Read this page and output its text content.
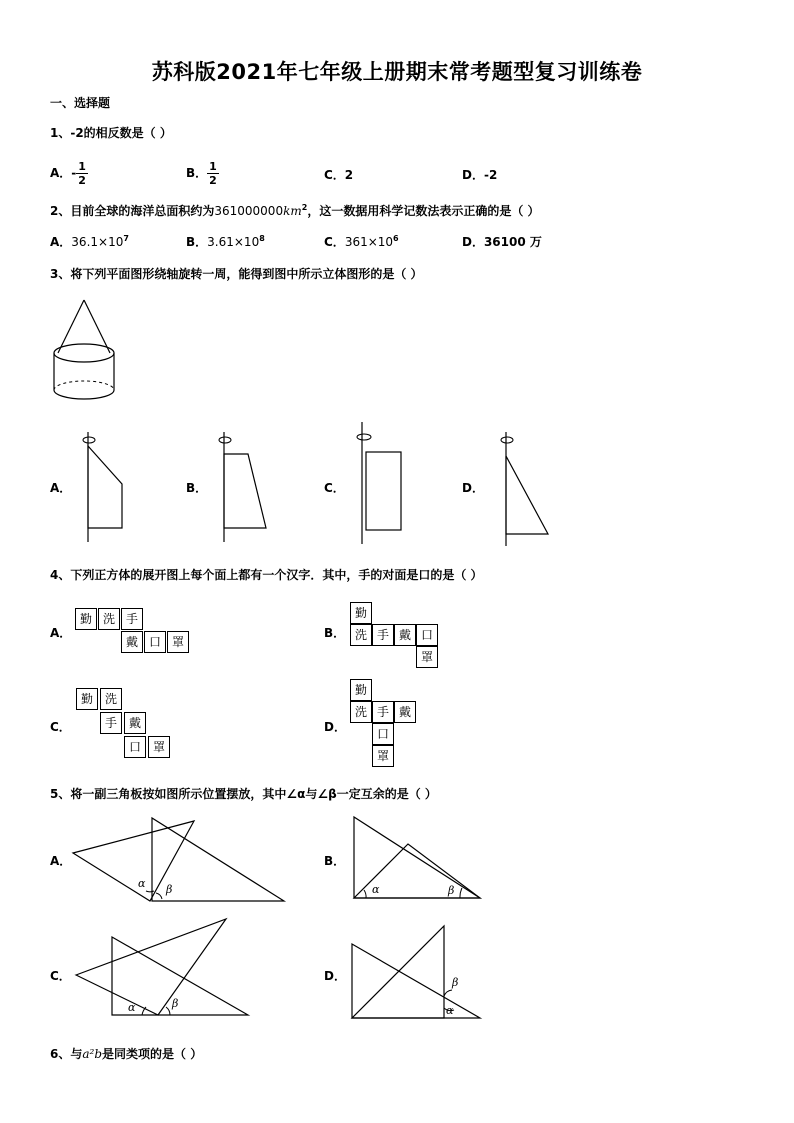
苏科版2021年七年级上册期末常考题型复习训练卷
一、选择题
1、-2的相反数是（ ）
A．- $\frac{1}{2}$	B． $\frac{1}{2}$	C．2	D．-2
2、目前全球的海洋总面积约为$361000000km^2$，这一数据用科学记数法表示正确的是（ ）
A．$36.1\times 10^7$	B．$3.61\times 10^8$	C．$361\times 10^6$	D．36100 万
3、将下列平面图形绕轴旋转一周，能得到图中所示立体图形的是（ ）
A．	B．	C．	D．
4、下列正方体的展开图上每个面上都有一个汉字．其中，手的对面是口的是（ ）
A．
勤 洗 手
戴 口 罩
B．
勤
洗 手 戴 口
罩
C．
勤 洗
手 戴
口 罩
D．
勤
洗 手 戴
口
罩
5、将一副三角板按如图所示位置摆放，其中∠α与∠β一定互余的是（ ）
A．
α β
B．
α	β
C．
α	β
D．	β
α
6、与a²b是同类项的是（ ）
